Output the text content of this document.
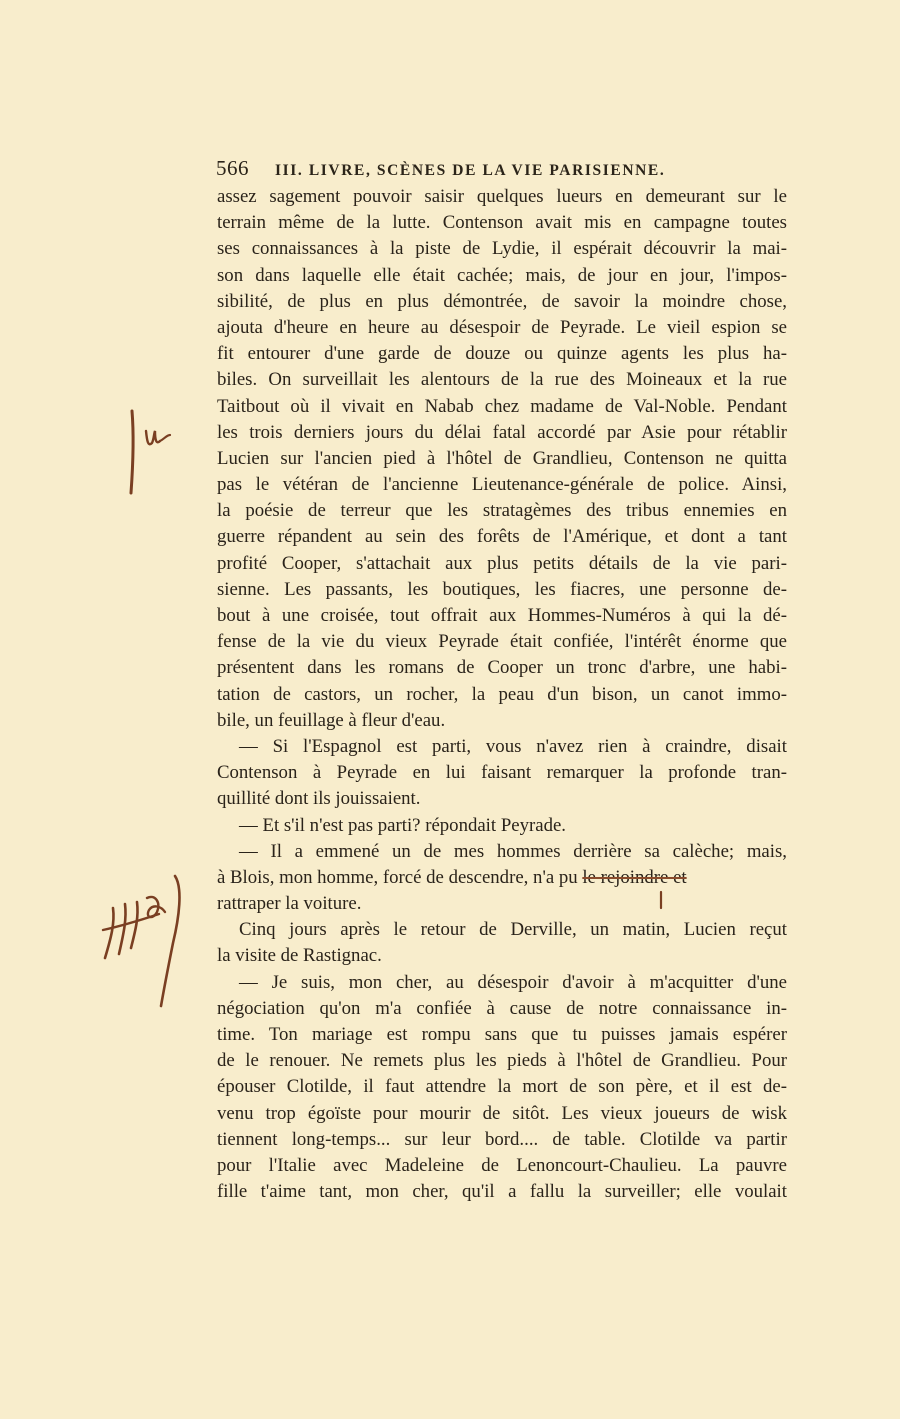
566 III. LIVRE, SCÈNES DE LA VIE PARISIENNE.
assez sagement pouvoir saisir quelques lueurs en demeurant sur le
terrain même de la lutte. Contenson avait mis en campagne toutes
ses connaissances à la piste de Lydie, il espérait découvrir la mai-
son dans laquelle elle était cachée; mais, de jour en jour, l'impos-
sibilité, de plus en plus démontrée, de savoir la moindre chose,
ajouta d'heure en heure au désespoir de Peyrade. Le vieil espion se
fit entourer d'une garde de douze ou quinze agents les plus ha-
biles. On surveillait les alentours de la rue des Moineaux et la rue
Taitbout où il vivait en Nabab chez madame de Val-Noble. Pendant
les trois derniers jours du délai fatal accordé par Asie pour rétablir
Lucien sur l'ancien pied à l'hôtel de Grandlieu, Contenson ne quitta
pas le vétéran de l'ancienne Lieutenance-générale de police. Ainsi,
la poésie de terreur que les stratagèmes des tribus ennemies en
guerre répandent au sein des forêts de l'Amérique, et dont a tant
profité Cooper, s'attachait aux plus petits détails de la vie pari-
sienne. Les passants, les boutiques, les fiacres, une personne de-
bout à une croisée, tout offrait aux Hommes-Numéros à qui la dé-
fense de la vie du vieux Peyrade était confiée, l'intérêt énorme que
présentent dans les romans de Cooper un tronc d'arbre, une habi-
tation de castors, un rocher, la peau d'un bison, un canot immo-
bile, un feuillage à fleur d'eau.
— Si l'Espagnol est parti, vous n'avez rien à craindre, disait
Contenson à Peyrade en lui faisant remarquer la profonde tran-
quillité dont ils jouissaient.
— Et s'il n'est pas parti? répondait Peyrade.
— Il a emmené un de mes hommes derrière sa calèche; mais,
à Blois, mon homme, forcé de descendre, n'a pu le rejoindre et
rattraper la voiture.
Cinq jours après le retour de Derville, un matin, Lucien reçut
la visite de Rastignac.
— Je suis, mon cher, au désespoir d'avoir à m'acquitter d'une
négociation qu'on m'a confiée à cause de notre connaissance in-
time. Ton mariage est rompu sans que tu puisses jamais espérer
de le renouer. Ne remets plus les pieds à l'hôtel de Grandlieu. Pour
épouser Clotilde, il faut attendre la mort de son père, et il est de-
venu trop égoïste pour mourir de sitôt. Les vieux joueurs de wisk
tiennent long-temps... sur leur bord.... de table. Clotilde va partir
pour l'Italie avec Madeleine de Lenoncourt-Chaulieu. La pauvre
fille t'aime tant, mon cher, qu'il a fallu la surveiller; elle voulait
